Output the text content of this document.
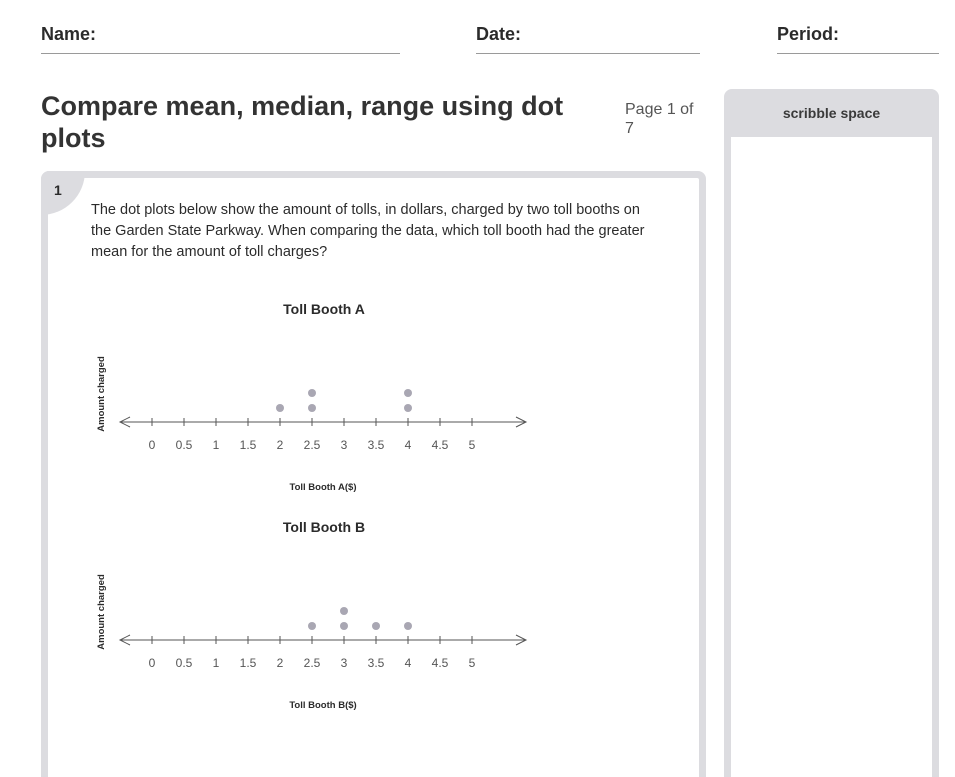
Name:	Date:	Period:
Compare mean, median, range using dot plots
Page 1 of 7
scribble space
1
The dot plots below show the amount of tolls, in dollars, charged by two toll booths on the Garden State Parkway. When comparing the data, which toll booth had the greater mean for the amount of toll charges?
Toll Booth A
0 0.5 1 1.5 2 2.5 3 3.5 4 4.5 5
Toll Booth A($)
Amount charged
Toll Booth B
0 0.5 1 1.5 2 2.5 3 3.5 4 4.5 5
Toll Booth B($)
Amount charged
